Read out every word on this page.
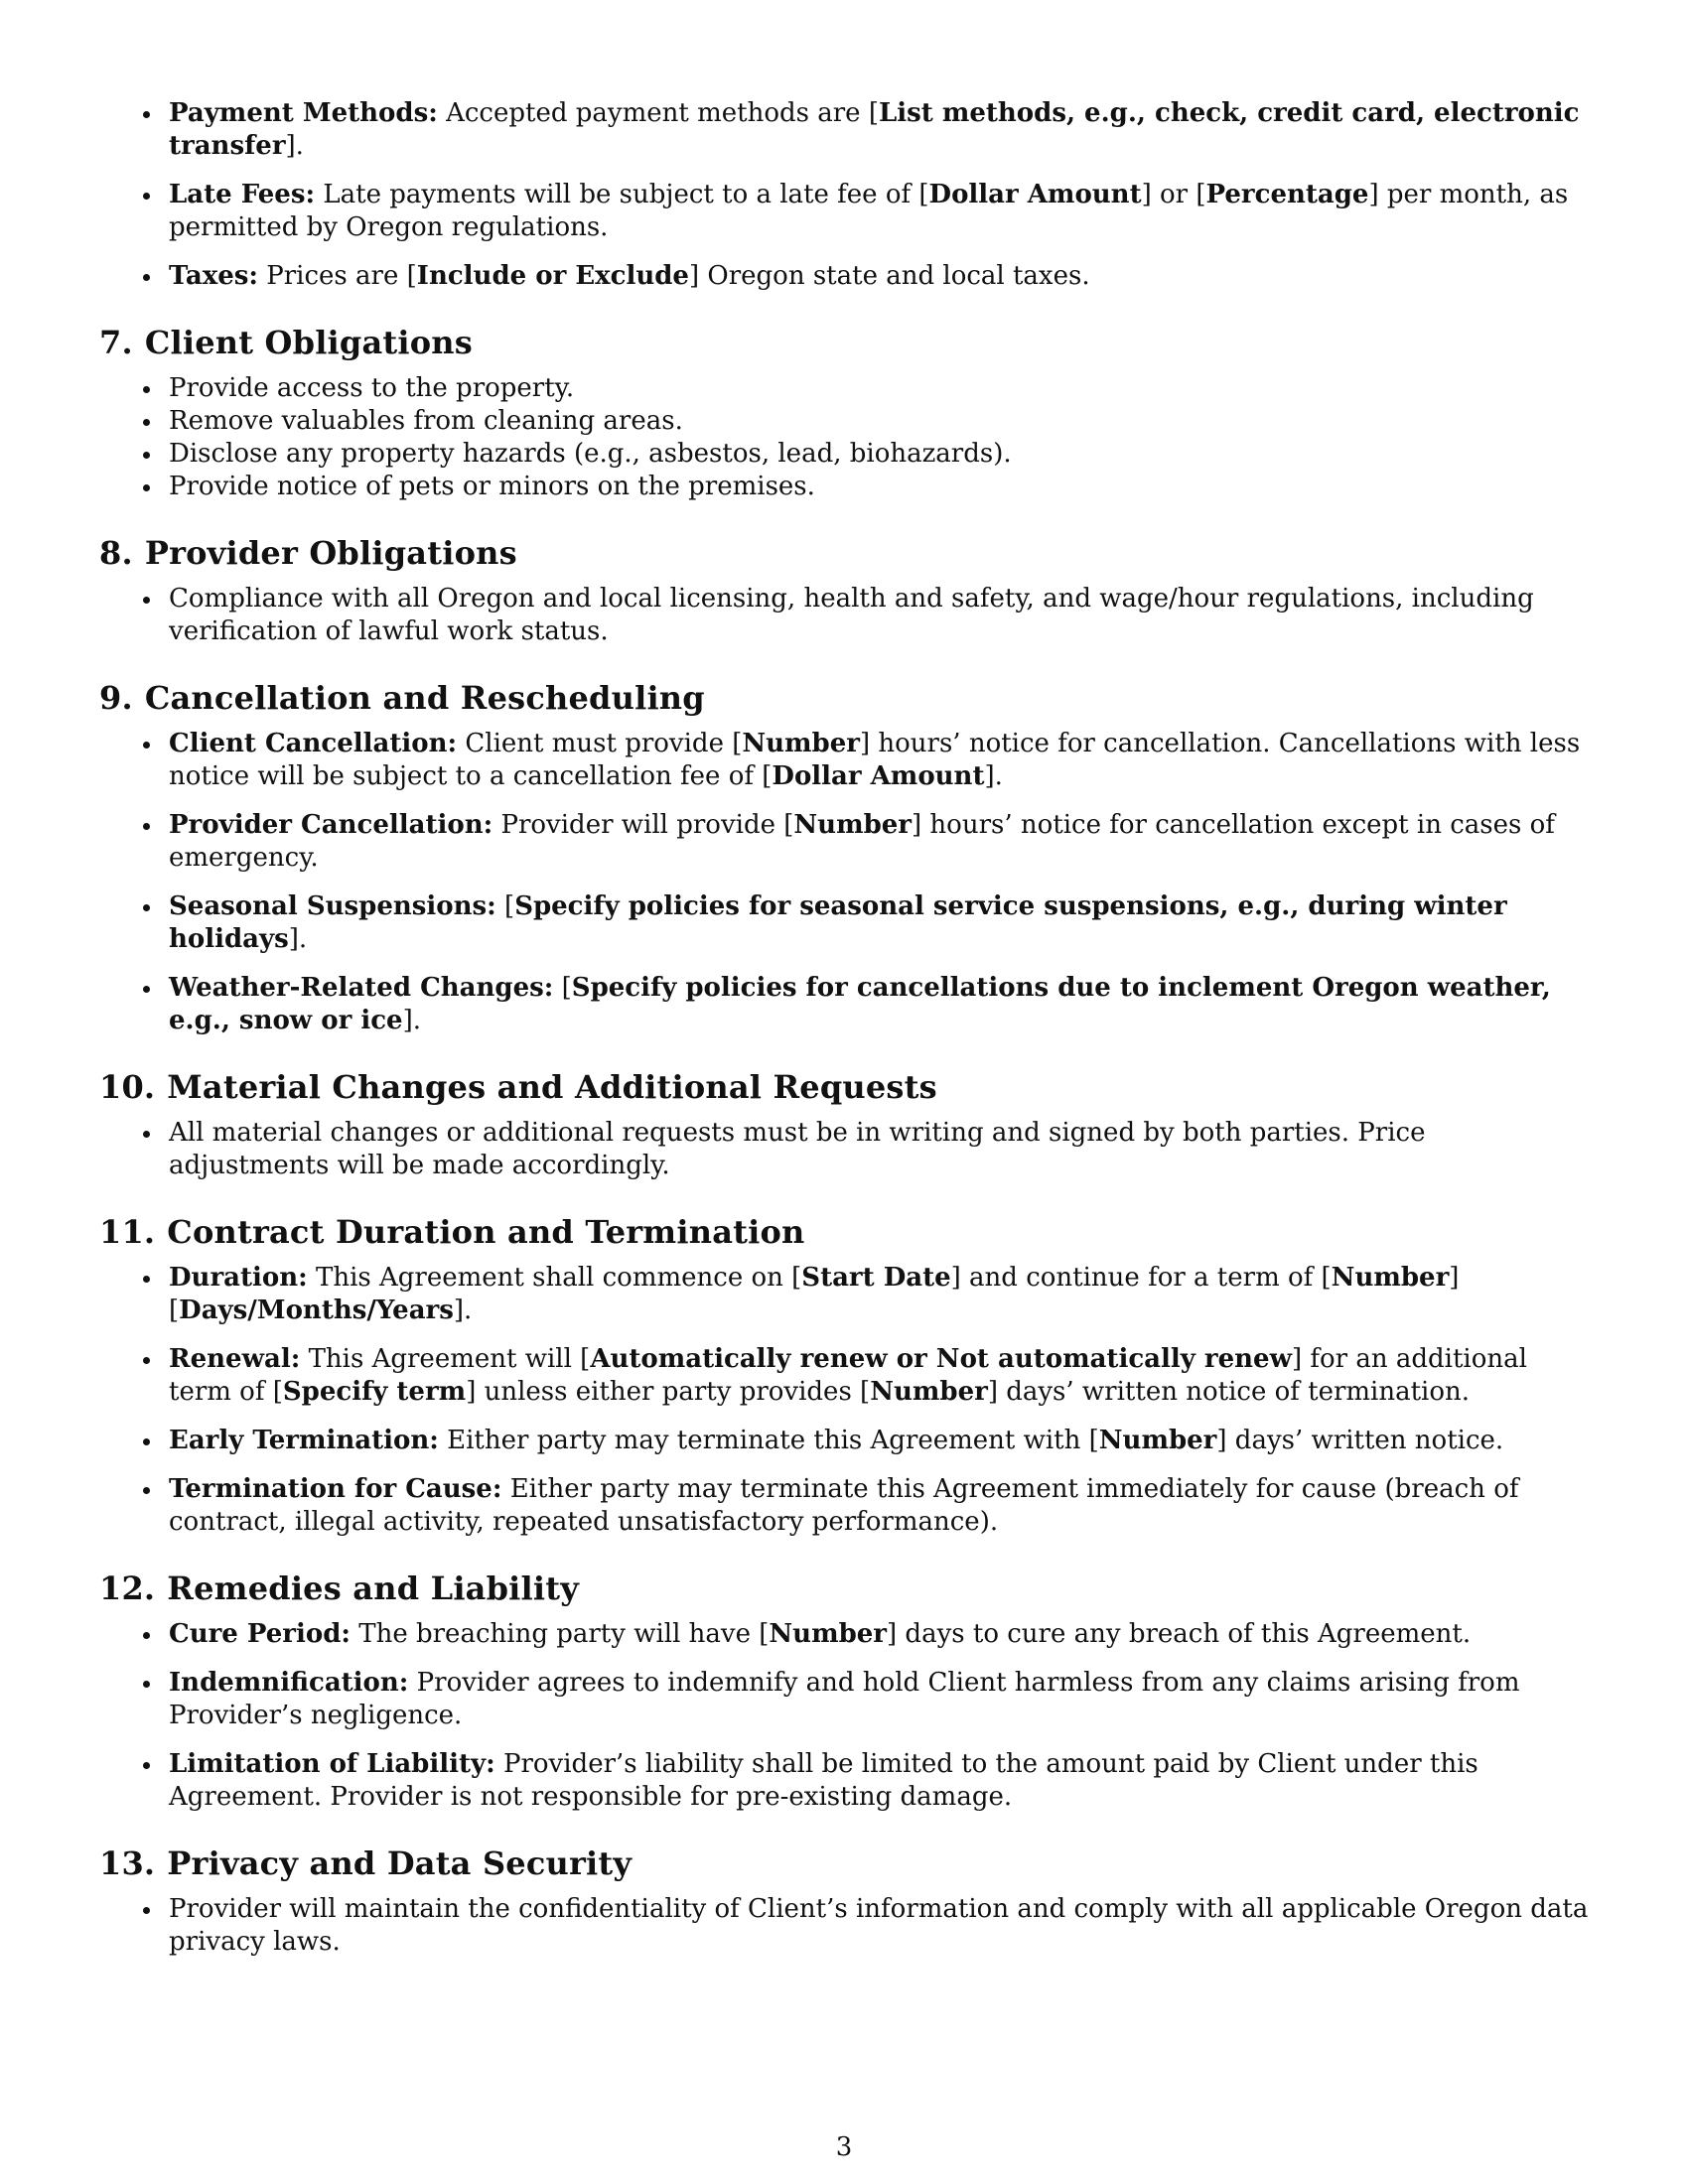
Payment Methods: Accepted payment methods are [List methods, e.g., check, credit card, electronic transfer].
Late Fees: Late payments will be subject to a late fee of [Dollar Amount] or [Percentage] per month, as permitted by Oregon regulations.
Taxes: Prices are [Include or Exclude] Oregon state and local taxes.
7. Client Obligations
Provide access to the property.
Remove valuables from cleaning areas.
Disclose any property hazards (e.g., asbestos, lead, biohazards).
Provide notice of pets or minors on the premises.
8. Provider Obligations
Compliance with all Oregon and local licensing, health and safety, and wage/hour regulations, including verification of lawful work status.
9. Cancellation and Rescheduling
Client Cancellation: Client must provide [Number] hours’ notice for cancellation. Cancellations with less notice will be subject to a cancellation fee of [Dollar Amount].
Provider Cancellation: Provider will provide [Number] hours’ notice for cancellation except in cases of emergency.
Seasonal Suspensions: [Specify policies for seasonal service suspensions, e.g., during winter holidays].
Weather-Related Changes: [Specify policies for cancellations due to inclement Oregon weather, e.g., snow or ice].
10. Material Changes and Additional Requests
All material changes or additional requests must be in writing and signed by both parties. Price adjustments will be made accordingly.
11. Contract Duration and Termination
Duration: This Agreement shall commence on [Start Date] and continue for a term of [Number] [Days/Months/Years].
Renewal: This Agreement will [Automatically renew or Not automatically renew] for an additional term of [Specify term] unless either party provides [Number] days’ written notice of termination.
Early Termination: Either party may terminate this Agreement with [Number] days’ written notice.
Termination for Cause: Either party may terminate this Agreement immediately for cause (breach of contract, illegal activity, repeated unsatisfactory performance).
12. Remedies and Liability
Cure Period: The breaching party will have [Number] days to cure any breach of this Agreement.
Indemnification: Provider agrees to indemnify and hold Client harmless from any claims arising from Provider’s negligence.
Limitation of Liability: Provider’s liability shall be limited to the amount paid by Client under this Agreement. Provider is not responsible for pre-existing damage.
13. Privacy and Data Security
Provider will maintain the confidentiality of Client’s information and comply with all applicable Oregon data privacy laws.
3
